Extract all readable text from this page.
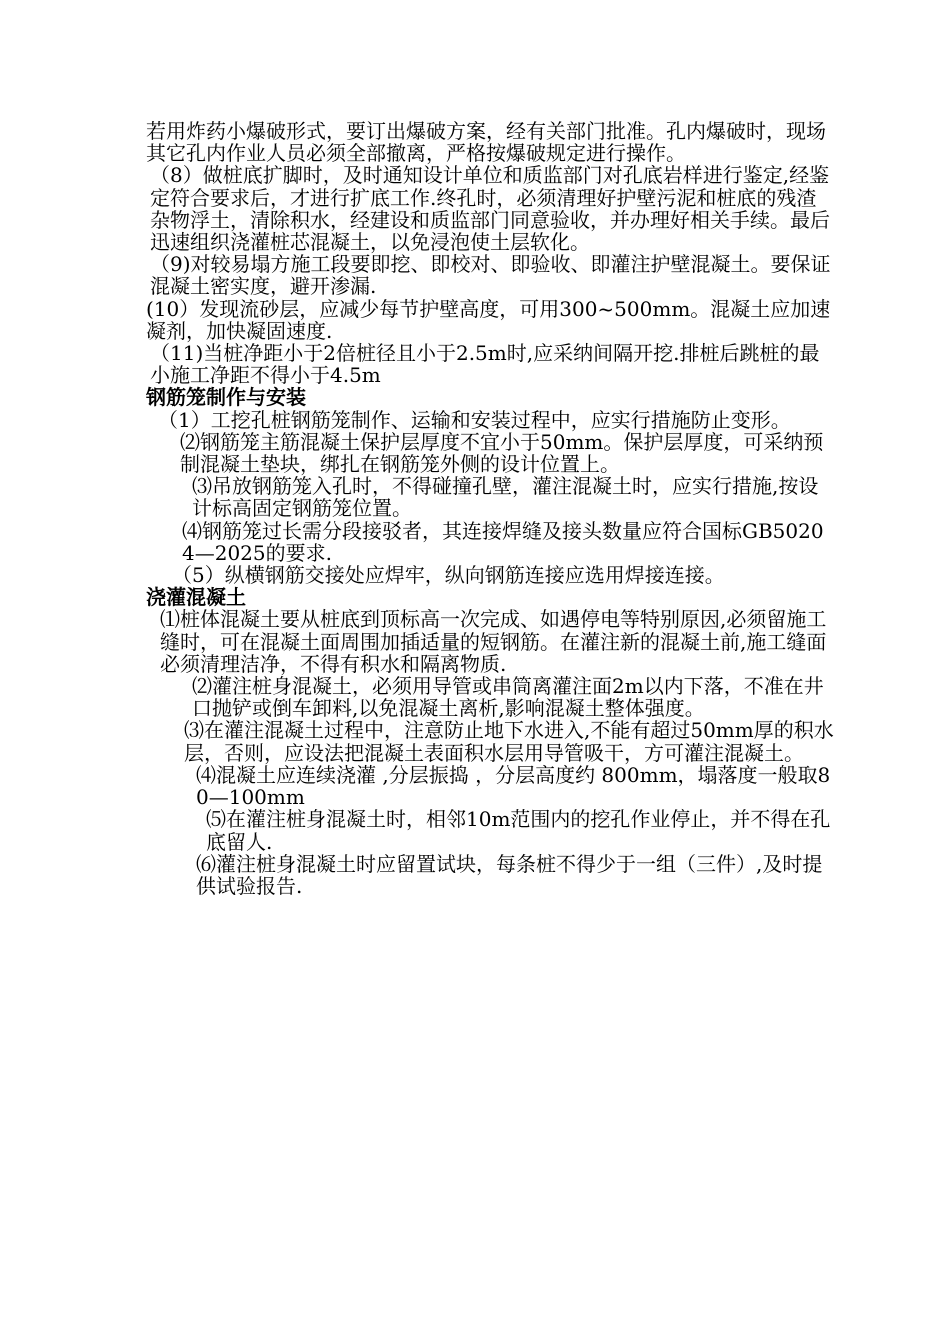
若用炸药小爆破形式，要订出爆破方案，经有关部门批准。孔内爆破时，现场其它孔内作业人员必须全部撤离，严格按爆破规定进行操作。

（8）做桩底扩脚时，及时通知设计单位和质监部门对孔底岩样进行鉴定,经鉴定符合要求后，才进行扩底工作.终孔时，必须清理好护壁污泥和桩底的残渣杂物浮土，清除积水，经建设和质监部门同意验收，并办理好相关手续。最后迅速组织浇灌桩芯混凝土，以免浸泡使土层软化。

（9)对较易塌方施工段要即挖、即校对、即验收、即灌注护壁混凝土。要保证混凝土密实度，避开渗漏.

(10）发现流砂层，应减少每节护壁高度，可用300~500mm。混凝土应加速凝剂，加快凝固速度.

（11)当桩净距小于2倍桩径且小于2.5m时,应采纳间隔开挖.排桩后跳桩的最小施工净距不得小于4.5m

钢筋笼制作与安装

（1）工挖孔桩钢筋笼制作、运输和安装过程中，应实行措施防止变形。

⑵钢筋笼主筋混凝土保护层厚度不宜小于50mm。保护层厚度，可采纳预制混凝土垫块，绑扎在钢筋笼外侧的设计位置上。

⑶吊放钢筋笼入孔时，不得碰撞孔壁，灌注混凝土时，应实行措施,按设计标高固定钢筋笼位置。

⑷钢筋笼过长需分段接驳者，其连接焊缝及接头数量应符合国标GB50204—2025的要求.

（5）纵横钢筋交接处应焊牢，纵向钢筋连接应选用焊接连接。

浇灌混凝土

⑴桩体混凝土要从桩底到顶标高一次完成、如遇停电等特别原因,必须留施工缝时，可在混凝土面周围加插适量的短钢筋。在灌注新的混凝土前,施工缝面必须清理洁净，不得有积水和隔离物质.

⑵灌注桩身混凝土，必须用导管或串筒离灌注面2m以内下落，不准在井口抛铲或倒车卸料,以免混凝土离析,影响混凝土整体强度。

⑶在灌注混凝土过程中，注意防止地下水进入,不能有超过50mm厚的积水层，否则，应设法把混凝土表面积水层用导管吸干，方可灌注混凝土。

⑷混凝土应连续浇灌 ,分层振捣 ，分层高度约 800mm，塌落度一般取80—100mm

⑸在灌注桩身混凝土时，相邻10m范围内的挖孔作业停止，并不得在孔底留人.

⑹灌注桩身混凝土时应留置试块，每条桩不得少于一组（三件）,及时提供试验报告.
